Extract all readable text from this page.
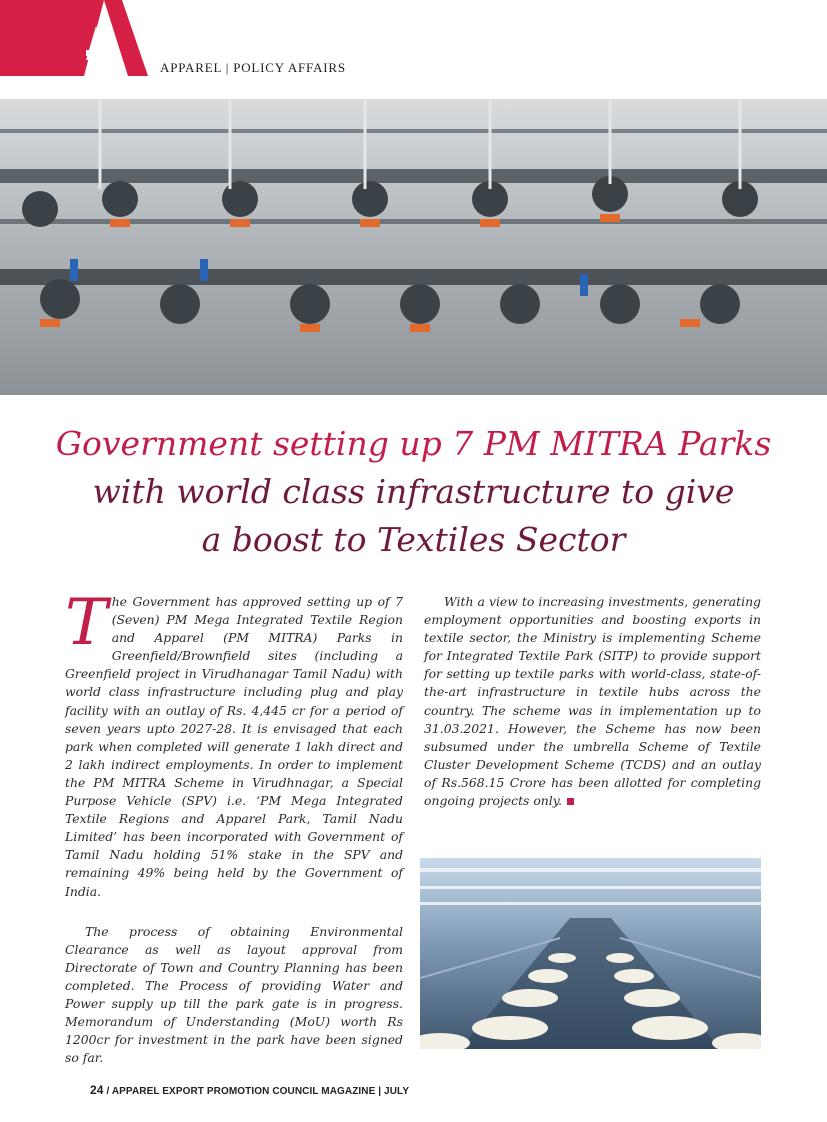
APPAREL | POLICY AFFAIRS
Government setting up 7 PM MITRA Parks
with world class infrastructure to give
a boost to Textiles Sector

The Government has approved setting up of 7 (Seven) PM Mega Integrated Textile Region and Apparel (PM MITRA) Parks in Greenfield/Brownfield sites (including a Greenfield project in Virudhanagar Tamil Nadu) with world class infrastructure including plug and play facility with an outlay of Rs. 4,445 cr for a period of seven years upto 2027-28. It is envisaged that each park when completed will generate 1 lakh direct and 2 lakh indirect employments. In order to implement the PM MITRA Scheme in Virudhnagar, a Special Purpose Vehicle (SPV) i.e. ‘PM Mega Integrated Textile Regions and Apparel Park, Tamil Nadu Limited’ has been incorporated with Government of Tamil Nadu holding 51% stake in the SPV and remaining 49% being held by the Government of India.

The process of obtaining Environmental Clearance as well as layout approval from Directorate of Town and Country Planning has been completed. The Process of providing Water and Power supply up till the park gate is in progress. Memorandum of Understanding (MoU) worth Rs 1200cr for investment in the park have been signed so far.

With a view to increasing investments, generating employment opportunities and boosting exports in textile sector, the Ministry is implementing Scheme for Integrated Textile Park (SITP) to provide support for setting up textile parks with world-class, state-of-the-art infrastructure in textile hubs across the country. The scheme was in implementation up to 31.03.2021. However, the Scheme has now been subsumed under the umbrella Scheme of Textile Cluster Development Scheme (TCDS) and an outlay of Rs.568.15 Crore has been allotted for completing ongoing projects only.

24 / APPAREL EXPORT PROMOTION COUNCIL MAGAZINE | JULY
